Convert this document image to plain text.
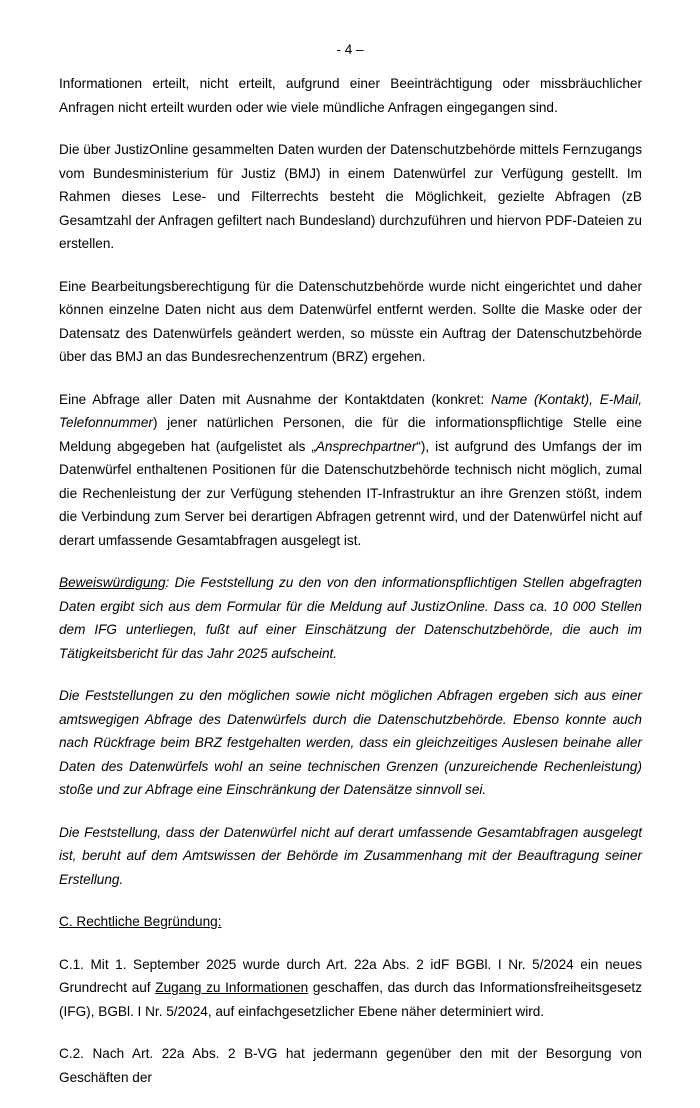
- 4 –

Informationen erteilt, nicht erteilt, aufgrund einer Beeinträchtigung oder missbräuchlicher Anfragen nicht erteilt wurden oder wie viele mündliche Anfragen eingegangen sind.

Die über JustizOnline gesammelten Daten wurden der Datenschutzbehörde mittels Fernzugangs vom Bundesministerium für Justiz (BMJ) in einem Datenwürfel zur Verfügung gestellt. Im Rahmen dieses Lese- und Filterrechts besteht die Möglichkeit, gezielte Abfragen (zB Gesamtzahl der Anfragen gefiltert nach Bundesland) durchzuführen und hiervon PDF-Dateien zu erstellen.

Eine Bearbeitungsberechtigung für die Datenschutzbehörde wurde nicht eingerichtet und daher können einzelne Daten nicht aus dem Datenwürfel entfernt werden. Sollte die Maske oder der Datensatz des Datenwürfels geändert werden, so müsste ein Auftrag der Datenschutzbehörde über das BMJ an das Bundesrechenzentrum (BRZ) ergehen.

Eine Abfrage aller Daten mit Ausnahme der Kontaktdaten (konkret: Name (Kontakt), E-Mail, Telefonnummer) jener natürlichen Personen, die für die informationspflichtige Stelle eine Meldung abgegeben hat (aufgelistet als „Ansprechpartner“), ist aufgrund des Umfangs der im Datenwürfel enthaltenen Positionen für die Datenschutzbehörde technisch nicht möglich, zumal die Rechenleistung der zur Verfügung stehenden IT-Infrastruktur an ihre Grenzen stößt, indem die Verbindung zum Server bei derartigen Abfragen getrennt wird, und der Datenwürfel nicht auf derart umfassende Gesamtabfragen ausgelegt ist.

Beweiswürdigung: Die Feststellung zu den von den informationspflichtigen Stellen abgefragten Daten ergibt sich aus dem Formular für die Meldung auf JustizOnline. Dass ca. 10 000 Stellen dem IFG unterliegen, fußt auf einer Einschätzung der Datenschutzbehörde, die auch im Tätigkeitsbericht für das Jahr 2025 aufscheint.

Die Feststellungen zu den möglichen sowie nicht möglichen Abfragen ergeben sich aus einer amtswegigen Abfrage des Datenwürfels durch die Datenschutzbehörde. Ebenso konnte auch nach Rückfrage beim BRZ festgehalten werden, dass ein gleichzeitiges Auslesen beinahe aller Daten des Datenwürfels wohl an seine technischen Grenzen (unzureichende Rechenleistung) stoße und zur Abfrage eine Einschränkung der Datensätze sinnvoll sei.

Die Feststellung, dass der Datenwürfel nicht auf derart umfassende Gesamtabfragen ausgelegt ist, beruht auf dem Amtswissen der Behörde im Zusammenhang mit der Beauftragung seiner Erstellung.

C. Rechtliche Begründung:

C.1. Mit 1. September 2025 wurde durch Art. 22a Abs. 2 idF BGBl. I Nr. 5/2024 ein neues Grundrecht auf Zugang zu Informationen geschaffen, das durch das Informationsfreiheitsgesetz (IFG), BGBl. I Nr. 5/2024, auf einfachgesetzlicher Ebene näher determiniert wird.

C.2. Nach Art. 22a Abs. 2 B-VG hat jedermann gegenüber den mit der Besorgung von Geschäften der
